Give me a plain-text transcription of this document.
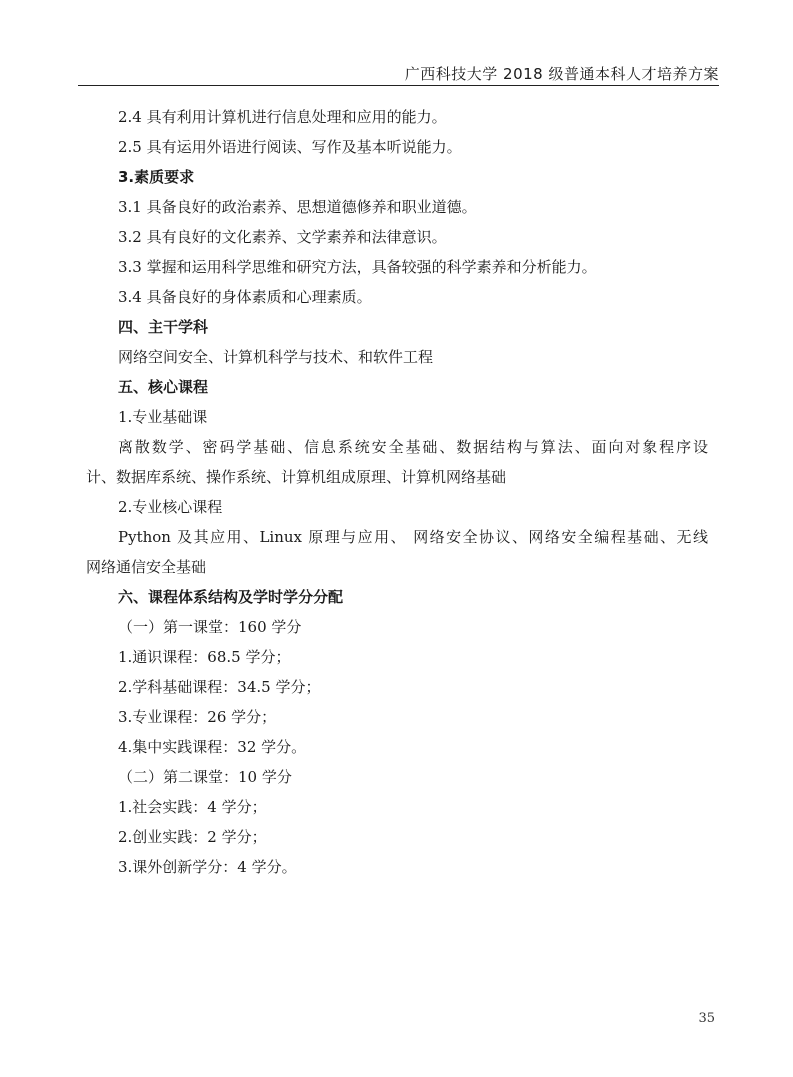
广西科技大学 2018 级普通本科人才培养方案
2.4 具有利用计算机进行信息处理和应用的能力。
2.5 具有运用外语进行阅读、写作及基本听说能力。
3.素质要求
3.1 具备良好的政治素养、思想道德修养和职业道德。
3.2 具有良好的文化素养、文学素养和法律意识。
3.3 掌握和运用科学思维和研究方法，具备较强的科学素养和分析能力。
3.4 具备良好的身体素质和心理素质。
四、主干学科
网络空间安全、计算机科学与技术、和软件工程
五、核心课程
1.专业基础课
离散数学、密码学基础、信息系统安全基础、数据结构与算法、面向对象程序设
计、数据库系统、操作系统、计算机组成原理、计算机网络基础
2.专业核心课程
Python 及其应用、Linux 原理与应用、 网络安全协议、网络安全编程基础、无线
网络通信安全基础
六、课程体系结构及学时学分分配
（一）第一课堂：160 学分
1.通识课程：68.5 学分；
2.学科基础课程：34.5 学分；
3.专业课程：26 学分；
4.集中实践课程：32 学分。
（二）第二课堂：10 学分
1.社会实践：4 学分；
2.创业实践：2 学分；
3.课外创新学分：4 学分。
35
